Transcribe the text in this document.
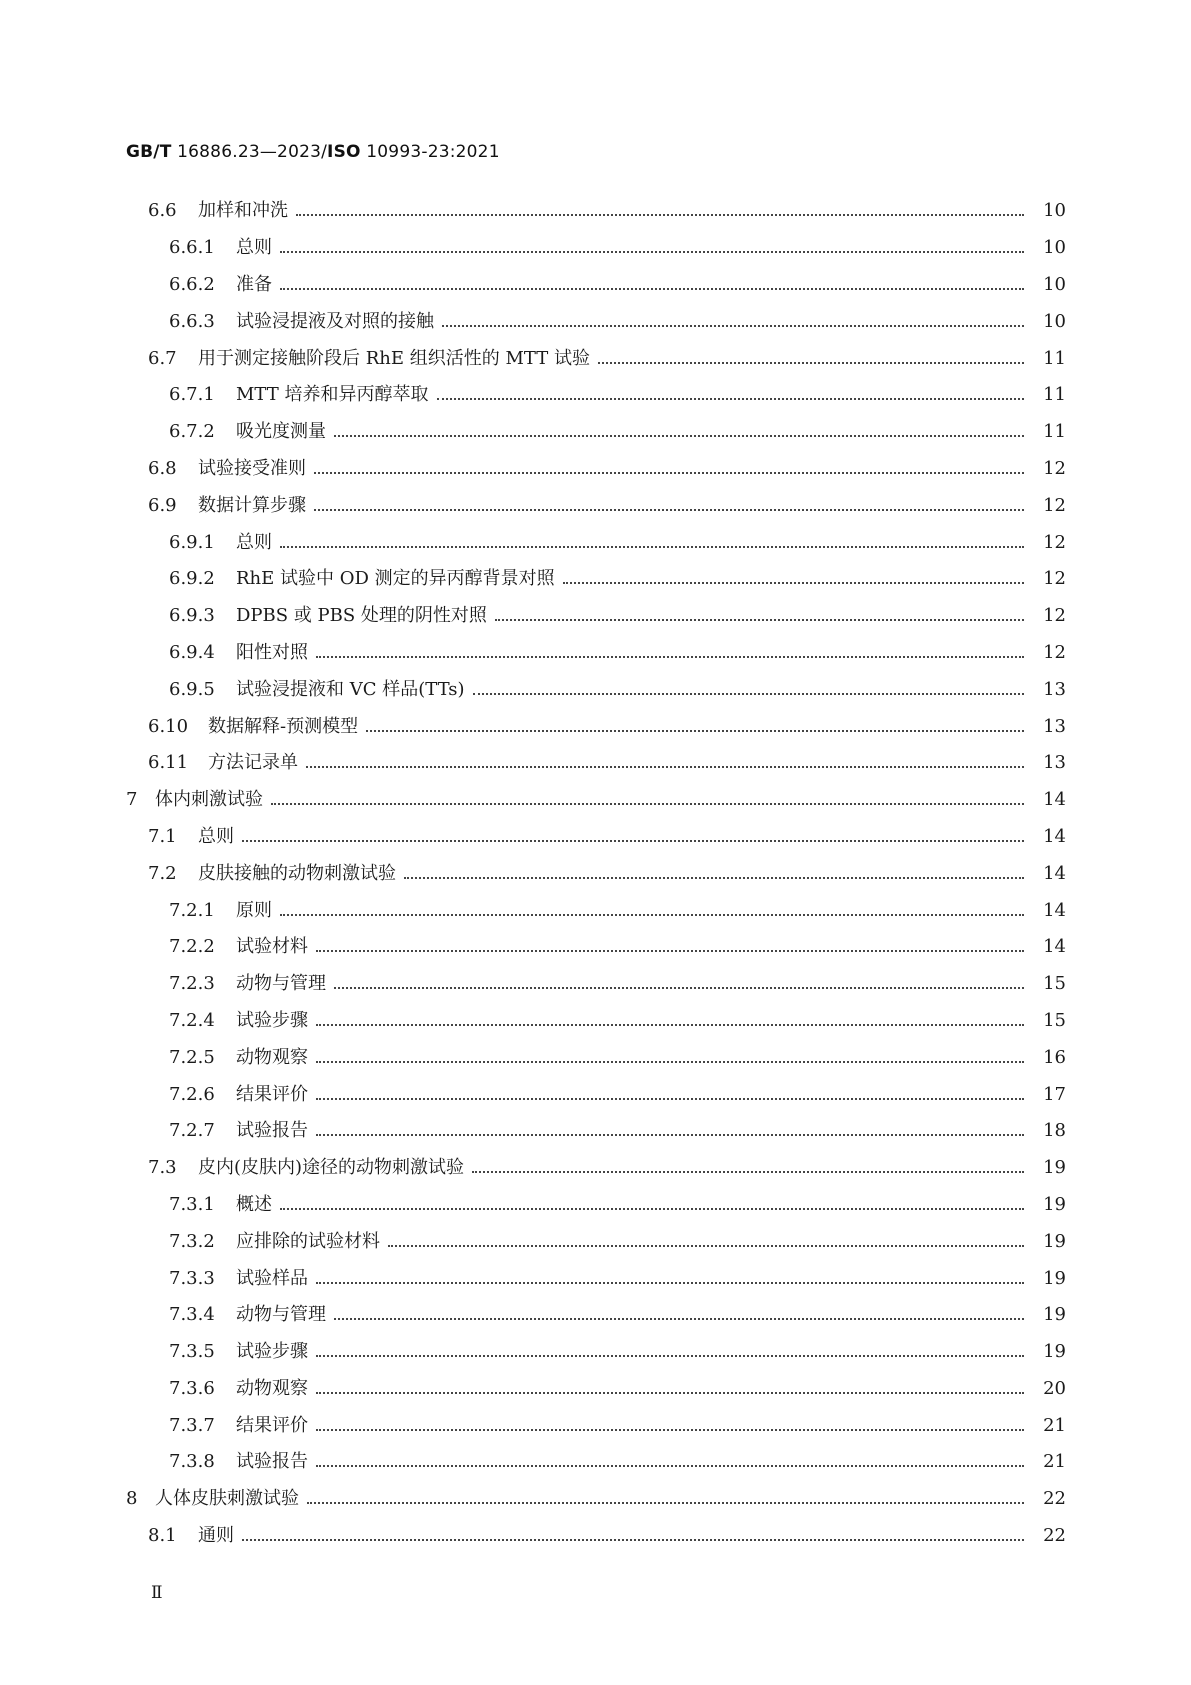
GB/T 16886.23—2023/ISO 10993-23:2021
6.6 加样和冲洗	10
6.6.1 总则	10
6.6.2 准备	10
6.6.3 试验浸提液及对照的接触	10
6.7 用于测定接触阶段后 RhE 组织活性的 MTT 试验	11
6.7.1 MTT 培养和异丙醇萃取	11
6.7.2 吸光度测量	11
6.8 试验接受准则	12
6.9 数据计算步骤	12
6.9.1 总则	12
6.9.2 RhE 试验中 OD 测定的异丙醇背景对照	12
6.9.3 DPBS 或 PBS 处理的阴性对照	12
6.9.4 阳性对照	12
6.9.5 试验浸提液和 VC 样品(TTs)	13
6.10 数据解释-预测模型	13
6.11 方法记录单	13
7 体内刺激试验	14
7.1 总则	14
7.2 皮肤接触的动物刺激试验	14
7.2.1 原则	14
7.2.2 试验材料	14
7.2.3 动物与管理	15
7.2.4 试验步骤	15
7.2.5 动物观察	16
7.2.6 结果评价	17
7.2.7 试验报告	18
7.3 皮内(皮肤内)途径的动物刺激试验	19
7.3.1 概述	19
7.3.2 应排除的试验材料	19
7.3.3 试验样品	19
7.3.4 动物与管理	19
7.3.5 试验步骤	19
7.3.6 动物观察	20
7.3.7 结果评价	21
7.3.8 试验报告	21
8 人体皮肤刺激试验	22
8.1 通则	22
Ⅱ
